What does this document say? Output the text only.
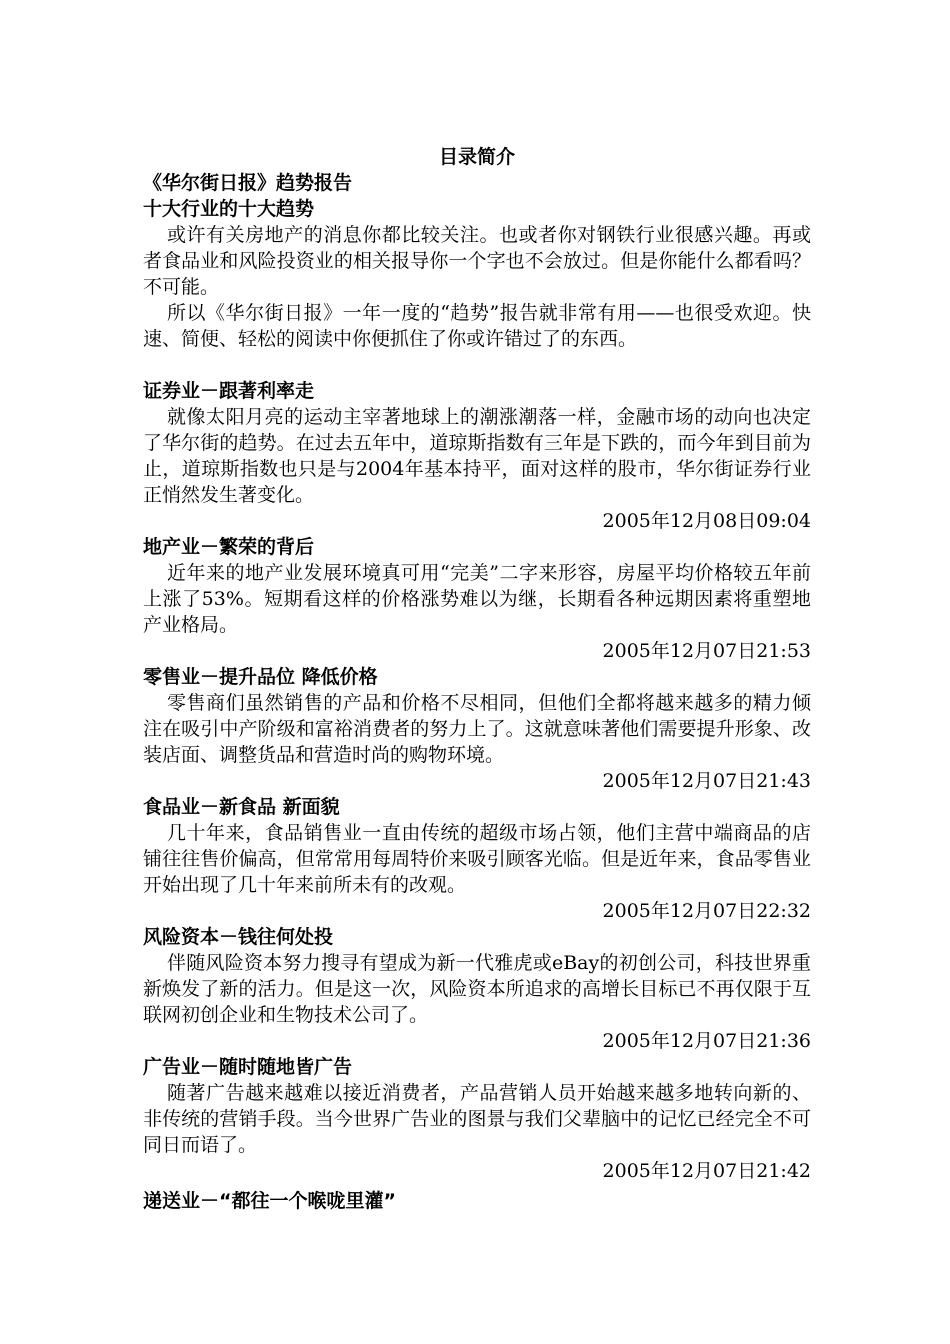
目录简介
《华尔街日报》趋势报告
十大行业的十大趋势

或许有关房地产的消息你都比较关注。也或者你对钢铁行业很感兴趣。再或者食品业和风险投资业的相关报导你一个字也不会放过。但是你能什么都看吗？不可能。

所以《华尔街日报》一年一度的“趋势”报告就非常有用——也很受欢迎。快速、简便、轻松的阅读中你便抓住了你或许错过了的东西。

证券业－跟著利率走

就像太阳月亮的运动主宰著地球上的潮涨潮落一样，金融市场的动向也决定了华尔街的趋势。在过去五年中，道琼斯指数有三年是下跌的，而今年到目前为止，道琼斯指数也只是与2004年基本持平，面对这样的股市，华尔街证券行业正悄然发生著变化。

2005年12月08日09:04
地产业－繁荣的背后

近年来的地产业发展环境真可用“完美”二字来形容，房屋平均价格较五年前上涨了53%。短期看这样的价格涨势难以为继，长期看各种远期因素将重塑地产业格局。

2005年12月07日21:53
零售业－提升品位 降低价格

零售商们虽然销售的产品和价格不尽相同，但他们全都将越来越多的精力倾注在吸引中产阶级和富裕消费者的努力上了。这就意味著他们需要提升形象、改装店面、调整货品和营造时尚的购物环境。

2005年12月07日21:43
食品业－新食品 新面貌

几十年来，食品销售业一直由传统的超级市场占领，他们主营中端商品的店铺往往售价偏高，但常常用每周特价来吸引顾客光临。但是近年来，食品零售业开始出现了几十年来前所未有的改观。

2005年12月07日22:32
风险资本－钱往何处投

伴随风险资本努力搜寻有望成为新一代雅虎或eBay的初创公司，科技世界重新焕发了新的活力。但是这一次，风险资本所追求的高增长目标已不再仅限于互联网初创企业和生物技术公司了。

2005年12月07日21:36
广告业－随时随地皆广告

随著广告越来越难以接近消费者，产品营销人员开始越来越多地转向新的、非传统的营销手段。当今世界广告业的图景与我们父辈脑中的记忆已经完全不可同日而语了。

2005年12月07日21:42
递送业－“都往一个喉咙里灌”
